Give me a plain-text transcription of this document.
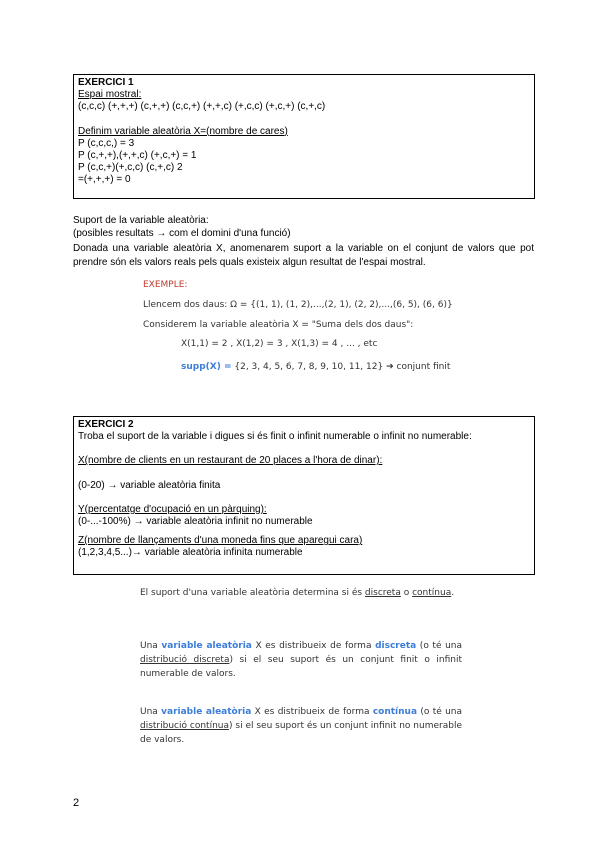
EXERCICI 1
Espai mostral:
(c,c,c) (+,+,+) (c,+,+) (c,c,+) (+,+,c) (+,c,c) (+,c,+) (c,+,c)
Definim variable aleatòria X=(nombre de cares)
P (c,c,c,) = 3
P (c,+,+),(+,+,c) (+,c,+) = 1
P (c,c,+)(+,c,c) (c,+,c) 2
=(+,+,+) = 0
Suport de la variable aleatòria:
(posibles resultats → com el domini d'una funció)
Donada una variable aleatòria X, anomenarem suport a la variable on el conjunt de valors que pot prendre són els valors reals pels quals existeix algun resultat de l'espai mostral.
EXEMPLE:
Llencem dos daus: Ω = {(1, 1), (1, 2),...,(2, 1), (2, 2),...,(6, 5), (6, 6)}
Considerem la variable aleatòria X = "Suma dels dos daus":
X(1,1) = 2 , X(1,2) = 3 , X(1,3) = 4 , ... , etc
supp(X) = {2, 3, 4, 5, 6, 7, 8, 9, 10, 11, 12} ➔ conjunt finit
EXERCICI 2
Troba el suport de la variable i digues si és finit o infinit numerable o infinit no numerable:
X(nombre de clients en un restaurant de 20 places a l'hora de dinar):
(0-20) → variable aleatòria finita
Y(percentatge d'ocupació en un pàrquing):
(0-...-100%) → variable aleatòria infinit no numerable
Z(nombre de llançaments d'una moneda fins que aparegui cara)
(1,2,3,4,5...)→ variable aleatòria infinita numerable
El suport d'una variable aleatòria determina si és discreta o contínua.
Una variable aleatòria X es distribueix de forma discreta (o té una distribució discreta) si el seu suport és un conjunt finit o infinit numerable de valors.
Una variable aleatòria X es distribueix de forma contínua (o té una distribució contínua) si el seu suport és un conjunt infinit no numerable de valors.
2
